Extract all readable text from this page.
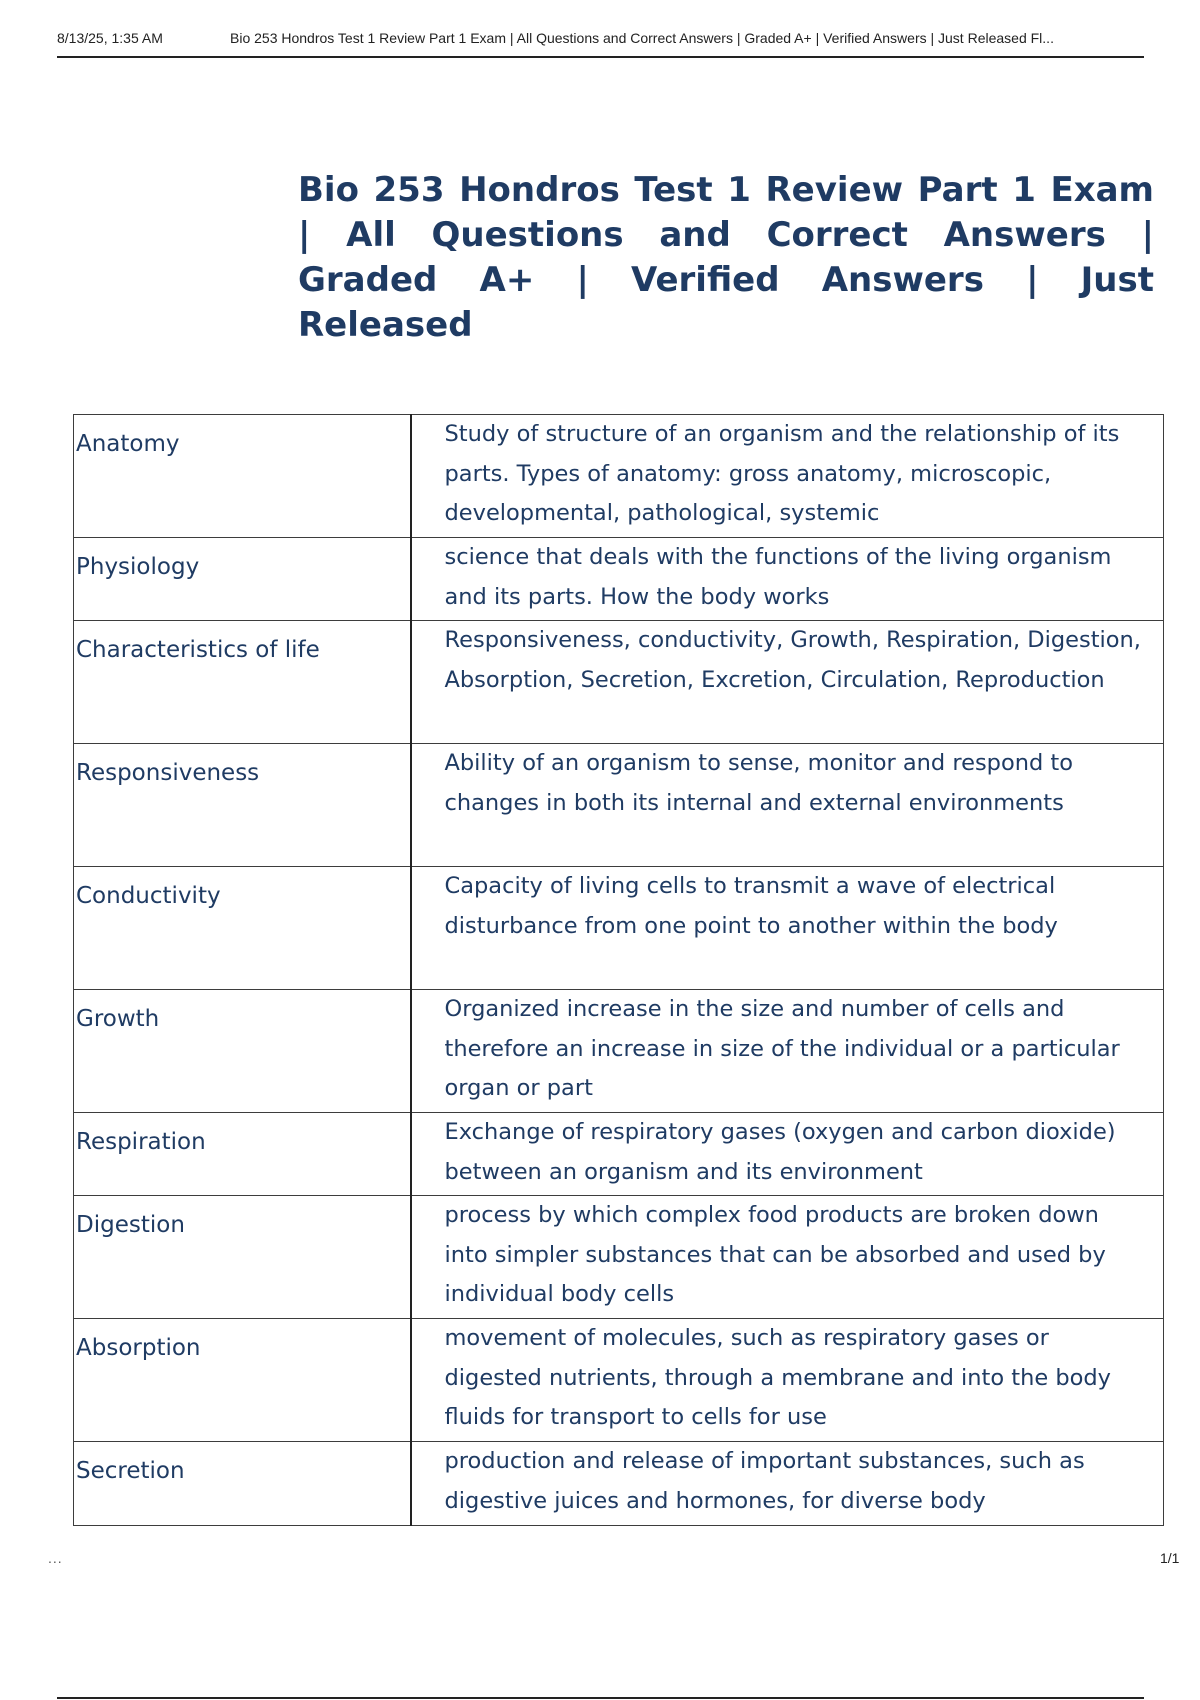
8/13/25, 1:35 AM	Bio 253 Hondros Test 1 Review Part 1 Exam | All Questions and Correct Answers | Graded A+ | Verified Answers | Just Released Fl...
Bio 253 Hondros Test 1 Review Part 1 Exam | All Questions and Correct Answers | Graded A+ | Verified Answers | Just Released
Anatomy	Study of structure of an organism and the relationship of its parts. Types of anatomy: gross anatomy, microscopic, developmental, pathological, systemic
Physiology	science that deals with the functions of the living organism and its parts. How the body works
Characteristics of life	Responsiveness, conductivity, Growth, Respiration, Digestion, Absorption, Secretion, Excretion, Circulation, Reproduction
Responsiveness	Ability of an organism to sense, monitor and respond to changes in both its internal and external environments
Conductivity	Capacity of living cells to transmit a wave of electrical disturbance from one point to another within the body
Growth	Organized increase in the size and number of cells and therefore an increase in size of the individual or a particular organ or part
Respiration	Exchange of respiratory gases (oxygen and carbon dioxide) between an organism and its environment
Digestion	process by which complex food products are broken down into simpler substances that can be absorbed and used by individual body cells
Absorption	movement of molecules, such as respiratory gases or digested nutrients, through a membrane and into the body fluids for transport to cells for use
Secretion	production and release of important substances, such as digestive juices and hormones, for diverse body
...	1/1
